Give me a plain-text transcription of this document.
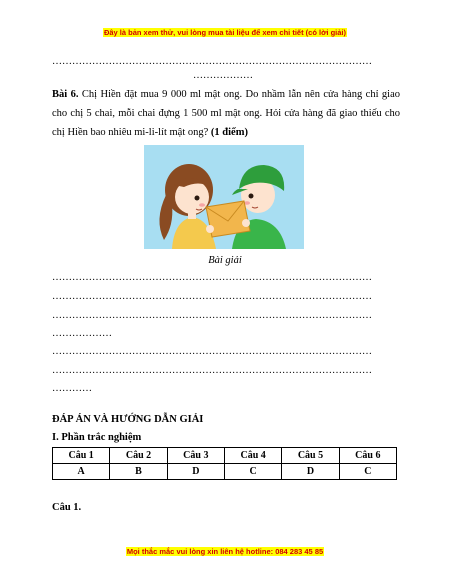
Đây là bản xem thử, vui lòng mua tài liệu để xem chi tiết (có lời giải)
……………………………………………………………………………………
………………
Bài 6. Chị Hiền đặt mua 9 000 ml mật ong. Do nhầm lẫn nên cửa hàng chỉ giao cho chị 5 chai, mỗi chai đựng 1 500 ml mật ong. Hỏi cửa hàng đã giao thiếu cho chị Hiền bao nhiêu mi-li-lít mật ong? (1 điểm)
Bài giải
……………………………………………………………………………………
……………………………………………………………………………………
……………………………………………………………………………………
………………
……………………………………………………………………………………
……………………………………………………………………………………
…………
ĐÁP ÁN VÀ HƯỚNG DẪN GIẢI
I. Phần trắc nghiệm
Câu 1	Câu 2	Câu 3	Câu 4	Câu 5	Câu 6
A	B	D	C	D	C
Câu 1.
Mọi thắc mắc vui lòng xin liên hệ hotline: 084 283 45 85
